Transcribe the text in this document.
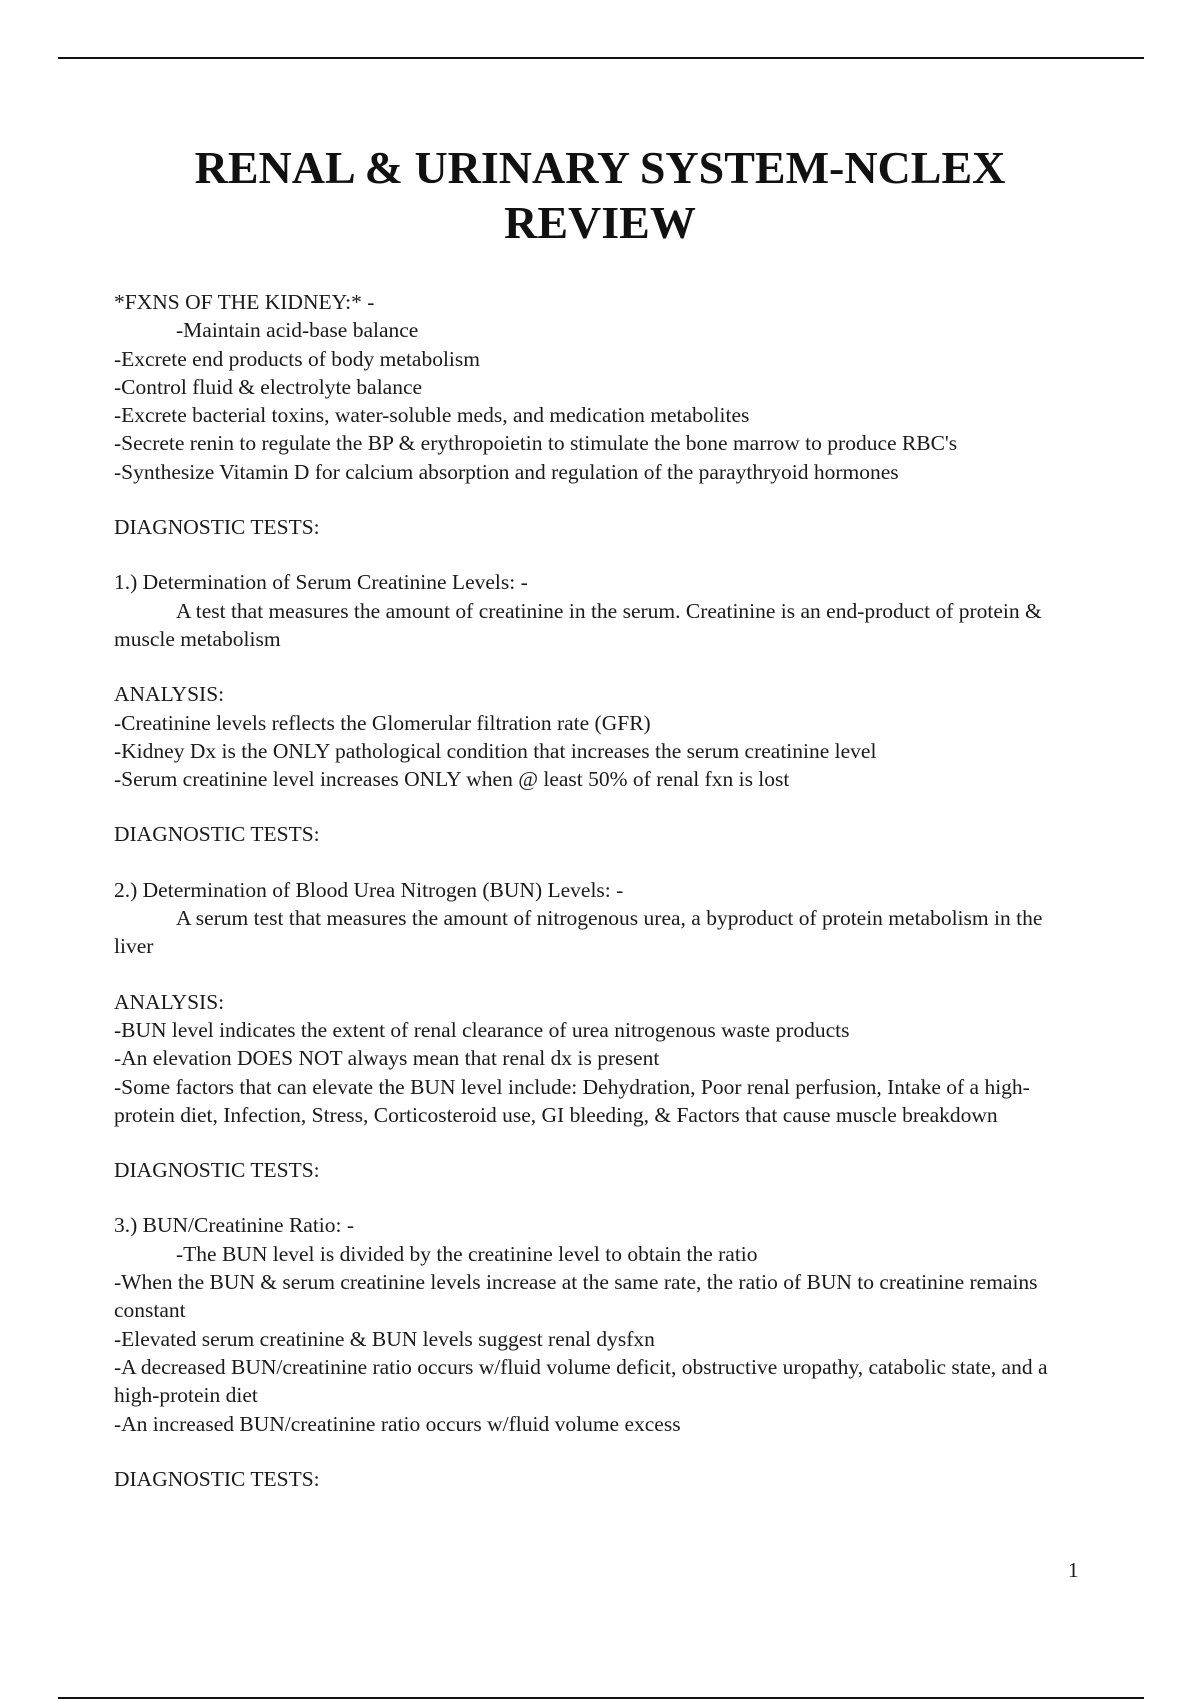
RENAL & URINARY SYSTEM-NCLEX
REVIEW

*FXNS OF THE KIDNEY:* -

-Maintain acid-base balance

-Excrete end products of body metabolism

-Control fluid & electrolyte balance

-Excrete bacterial toxins, water-soluble meds, and medication metabolites

-Secrete renin to regulate the BP & erythropoietin to stimulate the bone marrow to produce RBC's

-Synthesize Vitamin D for calcium absorption and regulation of the paraythryoid hormones

DIAGNOSTIC TESTS:

1.) Determination of Serum Creatinine Levels: -

A test that measures the amount of creatinine in the serum. Creatinine is an end-product of protein & muscle metabolism

ANALYSIS:

-Creatinine levels reflects the Glomerular filtration rate (GFR)

-Kidney Dx is the ONLY pathological condition that increases the serum creatinine level

-Serum creatinine level increases ONLY when @ least 50% of renal fxn is lost

DIAGNOSTIC TESTS:

2.) Determination of Blood Urea Nitrogen (BUN) Levels: -

A serum test that measures the amount of nitrogenous urea, a byproduct of protein metabolism in the liver

ANALYSIS:

-BUN level indicates the extent of renal clearance of urea nitrogenous waste products

-An elevation DOES NOT always mean that renal dx is present

-Some factors that can elevate the BUN level include: Dehydration, Poor renal perfusion, Intake of a high-protein diet, Infection, Stress, Corticosteroid use, GI bleeding, & Factors that cause muscle breakdown

DIAGNOSTIC TESTS:

3.) BUN/Creatinine Ratio: -

-The BUN level is divided by the creatinine level to obtain the ratio

-When the BUN & serum creatinine levels increase at the same rate, the ratio of BUN to creatinine remains constant

-Elevated serum creatinine & BUN levels suggest renal dysfxn

-A decreased BUN/creatinine ratio occurs w/fluid volume deficit, obstructive uropathy, catabolic state, and a high-protein diet

-An increased BUN/creatinine ratio occurs w/fluid volume excess

DIAGNOSTIC TESTS:

1
